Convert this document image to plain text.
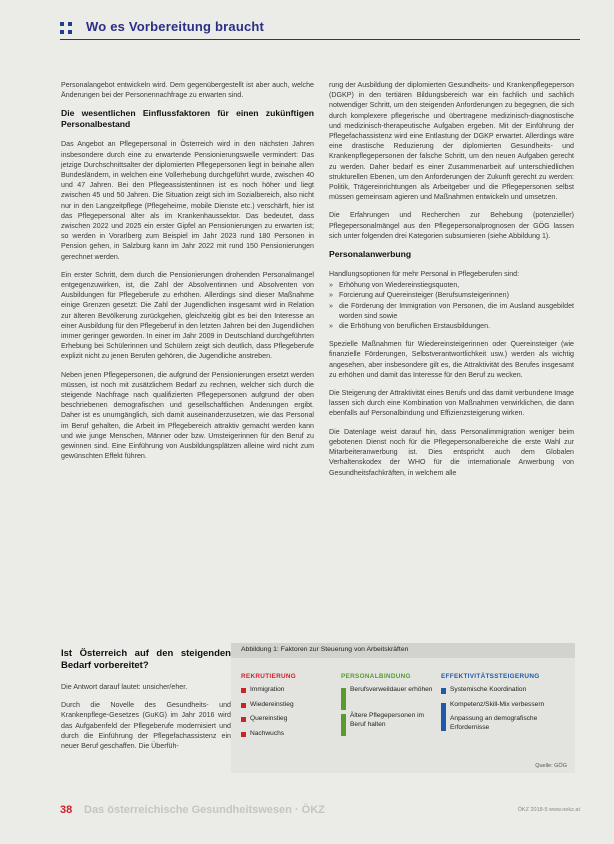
Wo es Vorbereitung braucht

Personalangebot entwickeln wird. Dem gegenübergestellt ist aber auch, welche Änderungen bei der Personennachfrage zu erwarten sind.

Die wesentlichen Einflussfaktoren für einen zukünftigen Personalbestand

Das Angebot an Pflegepersonal in Österreich wird in den nächsten Jahren insbesondere durch eine zu erwartende Pensionierungswelle vermindert: Das jetzige Durchschnittsalter der diplomierten Pflegepersonen liegt in beinahe allen Bundesländern, in welchen eine Vollerhebung durchgeführt wurde, zwischen 40 und 47 Jahren. Bei den Pflegeassistentinnen ist es noch höher und liegt zwischen 45 und 50 Jahren. Die Situation zeigt sich im Sozialbereich, also nicht nur in den Langzeitpflege (Pflegeheime, mobile Dienste etc.) verschärft, hier ist das Pflegepersonal älter als im Krankenhaussektor. Das bedeutet, dass zwischen 2022 und 2025 ein erster Gipfel an Pensionierungen zu erwarten ist; so werden in Vorarlberg zum Beispiel im Jahr 2023 rund 180 Personen in Pension gehen, in Salzburg kann im Jahr 2022 mit rund 150 Pensionierungen gerechnet werden.

Ein erster Schritt, dem durch die Pensionierungen drohenden Personalmangel entgegenzuwirken, ist, die Zahl der Absolventinnen und Absolventen von Ausbildungen für Pflegeberufe zu erhöhen. Allerdings sind dieser Maßnahme einige Grenzen gesetzt: Die Zahl der Jugendlichen insgesamt wird in Relation zur älteren Bevölkerung zurückgehen, gleichzeitig gibt es bei den Interesse an einer Ausbildung für den Pflegeberuf in den letzten Jahren bei den Jugendlichen immer geringer geworden. In einer im Jahr 2009 in Deutschland durchgeführten Erhebung bei Schülerinnen und Schülern zeigt sich deutlich, dass Pflegeberufe explizit nicht zu jenen Berufen gehören, die Jugendliche anstreben.

Neben jenen Pflegepersonen, die aufgrund der Pensionierungen ersetzt werden müssen, ist noch mit zusätzlichem Bedarf zu rechnen, welcher sich durch die steigende Nachfrage nach qualifizierten Pflegepersonen aufgrund der oben beschriebenen demografischen und gesellschaftlichen Änderungen ergibt. Daher ist es unumgänglich, sich damit auseinanderzusetzen, wie das Personal im Beruf gehalten, die Arbeit im Pflegebereich attraktiv gemacht werden kann und wie junge Menschen, Männer oder bzw. Umsteigerinnen für den Beruf zu gewinnen sind. Eine Einführung von Ausbildungsplätzen alleine wird nicht zum gewünschten Effekt führen.

rung der Ausbildung der diplomierten Gesundheits- und Krankenpflegeperson (DGKP) in den tertiären Bildungsbereich war ein fachlich und sachlich notwendiger Schritt, um den steigenden Anforderungen zu begegnen, die sich durch komplexere pflegerische und übertragene medizinisch-diagnostische und medizinisch-therapeutische Aufgaben ergeben. Mit der Einführung der Pflegefachassistenz wird eine Entlastung der DGKP erwartet. Allerdings wäre eine drastische Reduzierung der diplomierten Gesundheits- und Krankenpflegepersonen der falsche Schritt, um den neuen Aufgaben gerecht zu werden. Daher bedarf es einer Zusammenarbeit auf unterschiedlichen strukturellen Ebenen, um den Anforderungen der Zukunft gerecht zu werden: Politik, Trägereinrichtungen als Arbeitgeber und die Pflegepersonen selbst müssen gemeinsam agieren und Maßnahmen entwickeln und umsetzen.

Die Erfahrungen und Recherchen zur Behebung (potenzieller) Pflegepersonalmängel aus den Pflegepersonalprognosen der GÖG lassen sich unter folgenden drei Kategorien subsumieren (siehe Abbildung 1).

Personalanwerbung

Handlungsoptionen für mehr Personal in Pflegeberufen sind:

» Erhöhung von Wiedereinstiegsquoten,
» Forcierung auf Quereinsteiger (Berufsumsteigerinnen)
» die Förderung der Immigration von Personen, die im Ausland ausgebildet worden sind sowie
» die Erhöhung von beruflichen Erstausbildungen.

Spezielle Maßnahmen für Wiedereinsteigerinnen oder Quereinsteiger (wie finanzielle Förderungen, Selbstverantwortlichkeit usw.) werden als wichtig angesehen, aber insbesondere gilt es, die Attraktivität des Berufes insgesamt zu erhöhen und damit das Interesse für den Beruf zu wecken.

Die Steigerung der Attraktivität eines Berufs und das damit verbundene Image lassen sich durch eine Kombination von Maßnahmen verwirklichen, die dann ebenfalls auf Personalbindung und Effizienzsteigerung wirken.

Die Datenlage weist darauf hin, dass Personalimmigration weniger beim gebotenen Dienst noch für die Pflegepersonalbereiche die erste Wahl zur Mitarbeiteranwerbung ist. Dies entspricht auch dem Globalen Verhaltenskodex der WHO für die internationale Anwerbung von Gesundheitsfachkräften, in welchem alle

Ist Österreich auf den steigenden Bedarf vorbereitet?

Die Antwort darauf lautet: unsicher/eher.

Durch die Novelle des Gesundheits- und Krankenpflege-Gesetzes (GuKG) im Jahr 2016 wird das Aufgabenfeld der Pflegeberufe modernisiert und durch die Einführung der Pflegefachassistenz ein neuer Beruf geschaffen. Die Überfüh-

Abbildung 1: Faktoren zur Steuerung von Arbeitskräften
REKRUTIERUNG
Immigration
Wiedereinstieg
Quereinstieg
Nachwuchs
PERSONALBINDUNG
Berufsverweildauer erhöhen
Ältere Pflegepersonen im Beruf halten
EFFEKTIVITÄTSSTEIGERUNG
Systemische Koordination
Kompetenz/Skill-Mix verbessern
Anpassung an demografische Erfordernisse
Quelle: GÖG
38 Das österreichische Gesundheitswesen · ÖKZ	ÖKZ 2018-5 www.oekz.at
